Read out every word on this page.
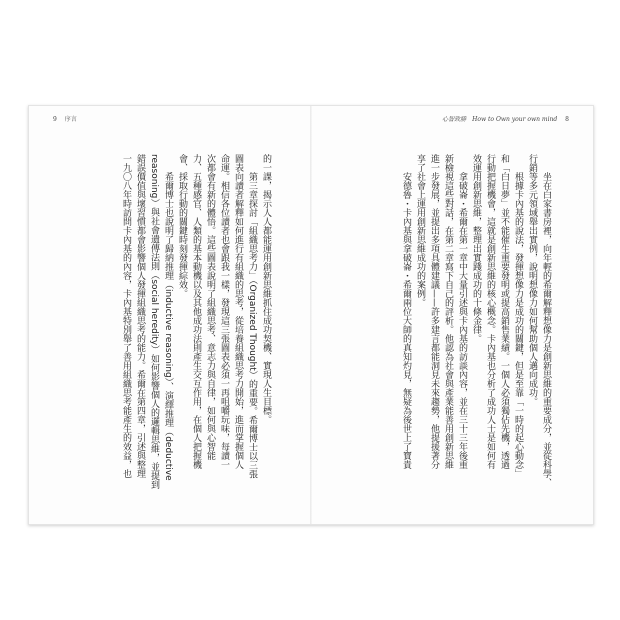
9 序言	心智致勝　How to Own your own mind 8

坐在白家書房裡，向年輕的希爾解釋想像力是創新思維的重要成分，並從科學、

行銷等多元領域舉出實例，說明想像力如何幫助個人邁向成功。

根據卡內基的說法，發揮想像力是成功的關鍵，但是至靠「一時的起心動念」

和「白日夢」並不能催生重要發明或提高銷售業績。一個人必須獨佔先機，透過

行動把握機會，這就是創新思維的核心概念。卡內基也分析了成功人士是如何有

效運用創新思維，整理出實踐成功的十條金律。

拿破崙・希爾在第一章中大量引述與卡內基的訪談內容，並在三十三年後重

新檢視這些對話，在第二章寫下自己的評析。他認為社會與產業能善用創新思維

進一步發展，並提出多項具體建議——許多建言都能洞見未來趨勢，他提援著分

享了社會上運用創新思維成功的案例。

安德魯・卡內基與拿破崙・希爾兩位大師的真知灼見，無疑為後世上了寶貴

的一課，揭示人人都能運用創新思維抓住成功契機、實現人生目標。

第三章探討「組織思考力」（Organized Thought）的重要。希爾博士以三張

圖表向讀者解釋如何進行有組織的思考，從培養組織思考力開始，進而掌握個人

命運。相信各位讀者也會跟我一樣，發現這三張圖表必須一再咀嚼玩味，每讀一

次都會有新的體悟。這些圖表說明了組織思考、意志力與自律，如何與心智能

力、五種感官、人類的基本動機以及其他成功法則產生交互作用，在個人把握機

會、採取行動的關鍵時刻發揮綜效。

希爾博士也說明了歸納推理（inductive reasoning）、演繹推理（deductive

reasoning）與社會遺傳法則（social heredity）如何影響個人的邏輯思維，並提到

錯誤價值與壞習慣都會影響個人發揮組織思考的能力。希爾在第四章，引述與整理

一九〇八年時訪問卡內基的內容，卡內基特別舉了善用組織思考能產生的效益，也
